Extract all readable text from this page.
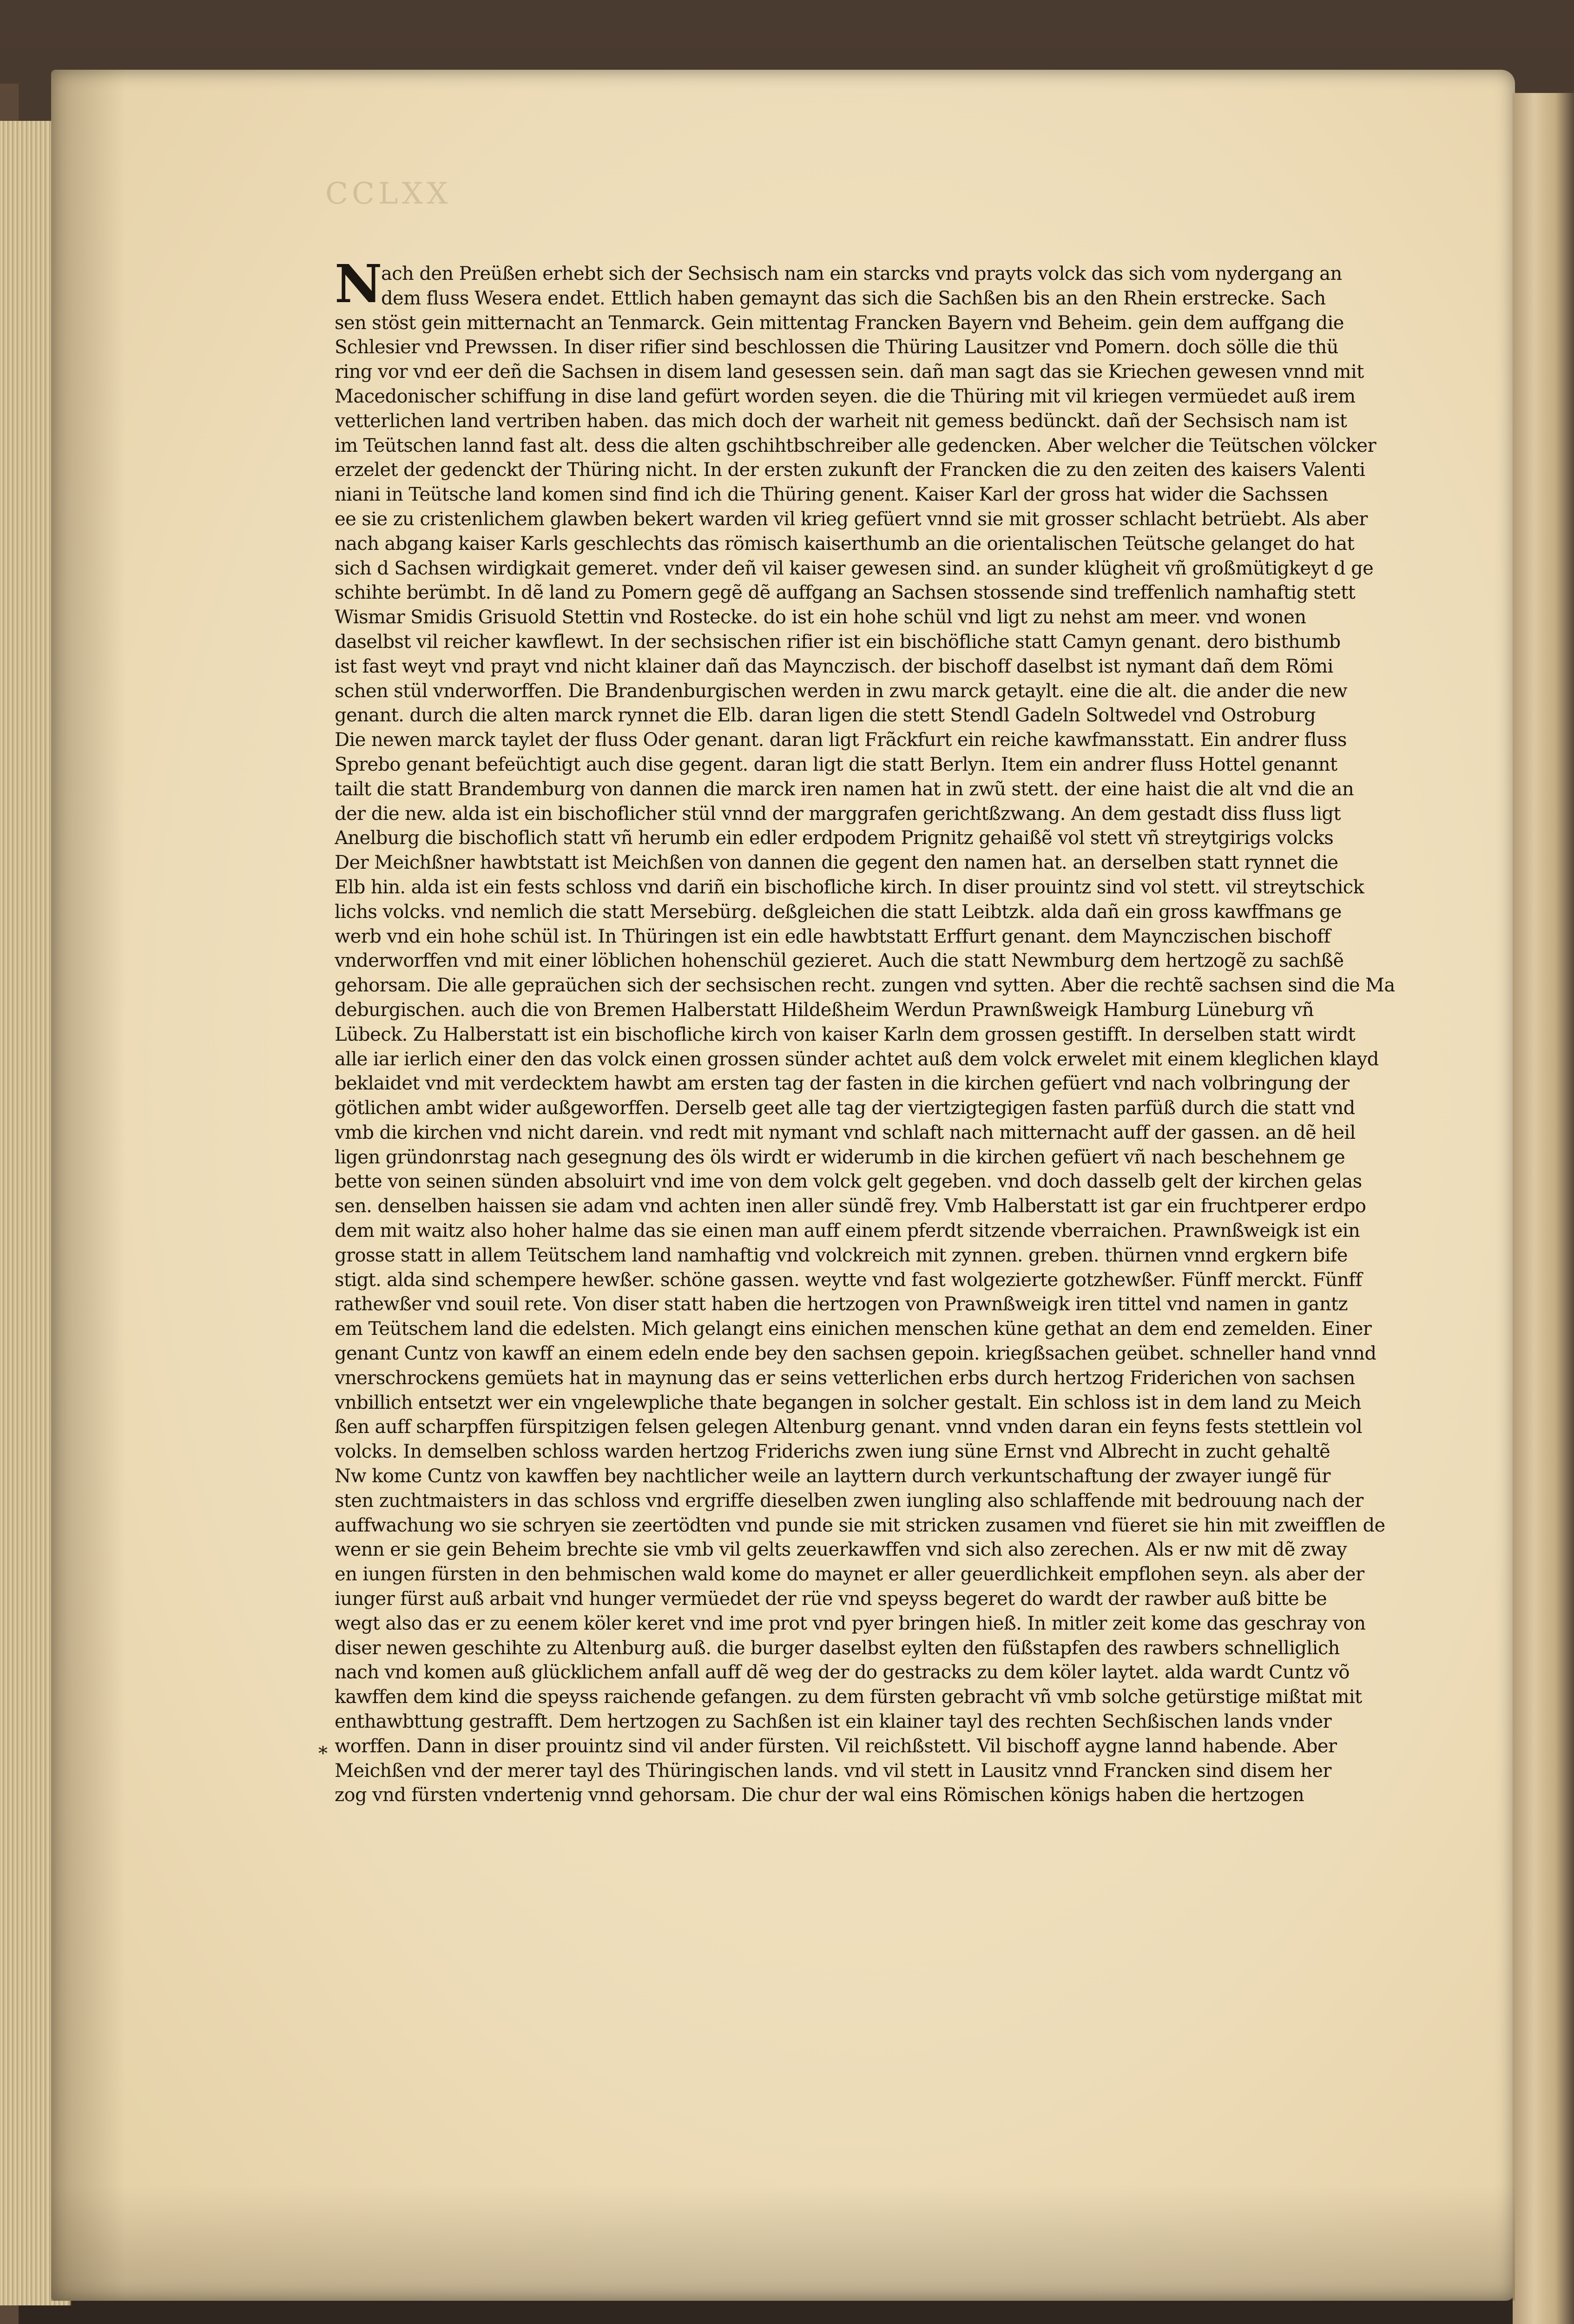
CCLXX
N
ach den Preüßen erhebt sich der Sechsisch nam ein starcks vnd prayts volck das sich vom nydergang an
dem fluss Wesera endet. Ettlich haben gemaynt das sich die Sachßen bis an den Rhein erstrecke. Sach
sen stöst gein mitternacht an Tenmarck. Gein mittentag Francken Bayern vnd Beheim. gein dem auffgang die
Schlesier vnd Prewssen. In diser rifier sind beschlossen die Thüring Lausitzer vnd Pomern. doch sölle die thü
ring vor vnd eer deñ die Sachsen in disem land gesessen sein. dañ man sagt das sie Kriechen gewesen vnnd mit
Macedonischer schiffung in dise land gefürt worden seyen. die die Thüring mit vil kriegen vermüedet auß irem
vetterlichen land vertriben haben. das mich doch der warheit nit gemess bedünckt. dañ der Sechsisch nam ist
im Teütschen lannd fast alt. dess die alten gschihtbschreiber alle gedencken. Aber welcher die Teütschen völcker
erzelet der gedenckt der Thüring nicht. In der ersten zukunft der Francken die zu den zeiten des kaisers Valenti
niani in Teütsche land komen sind find ich die Thüring genent. Kaiser Karl der gross hat wider die Sachssen
ee sie zu cristenlichem glawben bekert warden vil krieg gefüert vnnd sie mit grosser schlacht betrüebt. Als aber
nach abgang kaiser Karls geschlechts das römisch kaiserthumb an die orientalischen Teütsche gelanget do hat
sich d Sachsen wirdigkait gemeret. vnder deñ vil kaiser gewesen sind. an sunder klügheit vñ großmütigkeyt d ge
schihte berümbt. In dẽ land zu Pomern gegẽ dẽ auffgang an Sachsen stossende sind treffenlich namhaftig stett
Wismar Smidis Grisuold Stettin vnd Rostecke. do ist ein hohe schül vnd ligt zu nehst am meer. vnd wonen
daselbst vil reicher kawflewt. In der sechsischen rifier ist ein bischöfliche statt Camyn genant. dero bisthumb
ist fast weyt vnd prayt vnd nicht klainer dañ das Maynczisch. der bischoff daselbst ist nymant dañ dem Römi
schen stül vnderworffen. Die Brandenburgischen werden in zwu marck getaylt. eine die alt. die ander die new
genant. durch die alten marck rynnet die Elb. daran ligen die stett Stendl Gadeln Soltwedel vnd Ostroburg
Die newen marck taylet der fluss Oder genant. daran ligt Frãckfurt ein reiche kawfmansstatt. Ein andrer fluss
Sprebo genant befeüchtigt auch dise gegent. daran ligt die statt Berlyn. Item ein andrer fluss Hottel genannt
tailt die statt Brandemburg von dannen die marck iren namen hat in zwũ stett. der eine haist die alt vnd die an
der die new. alda ist ein bischoflicher stül vnnd der marggrafen gerichtßzwang. An dem gestadt diss fluss ligt
Anelburg die bischoflich statt vñ herumb ein edler erdpodem Prignitz gehaißẽ vol stett vñ streytgirigs volcks
Der Meichßner hawbtstatt ist Meichßen von dannen die gegent den namen hat. an derselben statt rynnet die
Elb hin. alda ist ein fests schloss vnd dariñ ein bischofliche kirch. In diser prouintz sind vol stett. vil streytschick
lichs volcks. vnd nemlich die statt Mersebürg. deßgleichen die statt Leibtzk. alda dañ ein gross kawffmans ge
werb vnd ein hohe schül ist. In Thüringen ist ein edle hawbtstatt Erffurt genant. dem Maynczischen bischoff
vnderworffen vnd mit einer löblichen hohenschül gezieret. Auch die statt Newmburg dem hertzogẽ zu sachßẽ
gehorsam. Die alle gepraüchen sich der sechsischen recht. zungen vnd sytten. Aber die rechtẽ sachsen sind die Ma
deburgischen. auch die von Bremen Halberstatt Hildeßheim Werdun Prawnßweigk Hamburg Lüneburg vñ
Lübeck. Zu Halberstatt ist ein bischofliche kirch von kaiser Karln dem grossen gestifft. In derselben statt wirdt
alle iar ierlich einer den das volck einen grossen sünder achtet auß dem volck erwelet mit einem kleglichen klayd
beklaidet vnd mit verdecktem hawbt am ersten tag der fasten in die kirchen gefüert vnd nach volbringung der
götlichen ambt wider außgeworffen. Derselb geet alle tag der viertzigtegigen fasten parfüß durch die statt vnd
vmb die kirchen vnd nicht darein. vnd redt mit nymant vnd schlaft nach mitternacht auff der gassen. an dẽ heil
ligen gründonrstag nach gesegnung des öls wirdt er widerumb in die kirchen gefüert vñ nach beschehnem ge
bette von seinen sünden absoluirt vnd ime von dem volck gelt gegeben. vnd doch dasselb gelt der kirchen gelas
sen. denselben haissen sie adam vnd achten inen aller sündẽ frey. Vmb Halberstatt ist gar ein fruchtperer erdpo
dem mit waitz also hoher halme das sie einen man auff einem pferdt sitzende vberraichen. Prawnßweigk ist ein
grosse statt in allem Teütschem land namhaftig vnd volckreich mit zynnen. greben. thürnen vnnd ergkern bife
stigt. alda sind schempere hewßer. schöne gassen. weytte vnd fast wolgezierte gotzhewßer. Fünff merckt. Fünff
rathewßer vnd souil rete. Von diser statt haben die hertzogen von Prawnßweigk iren tittel vnd namen in gantz
em Teütschem land die edelsten. Mich gelangt eins einichen menschen küne gethat an dem end zemelden. Einer
genant Cuntz von kawff an einem edeln ende bey den sachsen gepoin. kriegßsachen geübet. schneller hand vnnd
vnerschrockens gemüets hat in maynung das er seins vetterlichen erbs durch hertzog Friderichen von sachsen
vnbillich entsetzt wer ein vngelewpliche thate begangen in solcher gestalt. Ein schloss ist in dem land zu Meich
ßen auff scharpffen fürspitzigen felsen gelegen Altenburg genant. vnnd vnden daran ein feyns fests stettlein vol
volcks. In demselben schloss warden hertzog Friderichs zwen iung süne Ernst vnd Albrecht in zucht gehaltẽ
Nw kome Cuntz von kawffen bey nachtlicher weile an layttern durch verkuntschaftung der zwayer iungẽ für
sten zuchtmaisters in das schloss vnd ergriffe dieselben zwen iungling also schlaffende mit bedrouung nach der
auffwachung wo sie schryen sie zeertödten vnd punde sie mit stricken zusamen vnd füeret sie hin mit zweifflen de
wenn er sie gein Beheim brechte sie vmb vil gelts zeuerkawffen vnd sich also zerechen. Als er nw mit dẽ zway
en iungen fürsten in den behmischen wald kome do maynet er aller geuerdlichkeit empflohen seyn. als aber der
iunger fürst auß arbait vnd hunger vermüedet der rüe vnd speyss begeret do wardt der rawber auß bitte be
wegt also das er zu eenem köler keret vnd ime prot vnd pyer bringen hieß. In mitler zeit kome das geschray von
diser newen geschihte zu Altenburg auß. die burger daselbst eylten den füßstapfen des rawbers schnelliglich
nach vnd komen auß glücklichem anfall auff dẽ weg der do gestracks zu dem köler laytet. alda wardt Cuntz võ
kawffen dem kind die speyss raichende gefangen. zu dem fürsten gebracht vñ vmb solche getürstige mißtat mit
enthawbttung gestrafft. Dem hertzogen zu Sachßen ist ein klainer tayl des rechten Sechßischen lands vnder
worffen. Dann in diser prouintz sind vil ander fürsten. Vil reichßstett. Vil bischoff aygne lannd habende. Aber
Meichßen vnd der merer tayl des Thüringischen lands. vnd vil stett in Lausitz vnnd Francken sind disem her
zog vnd fürsten vndertenig vnnd gehorsam. Die chur der wal eins Römischen königs haben die hertzogen
*
